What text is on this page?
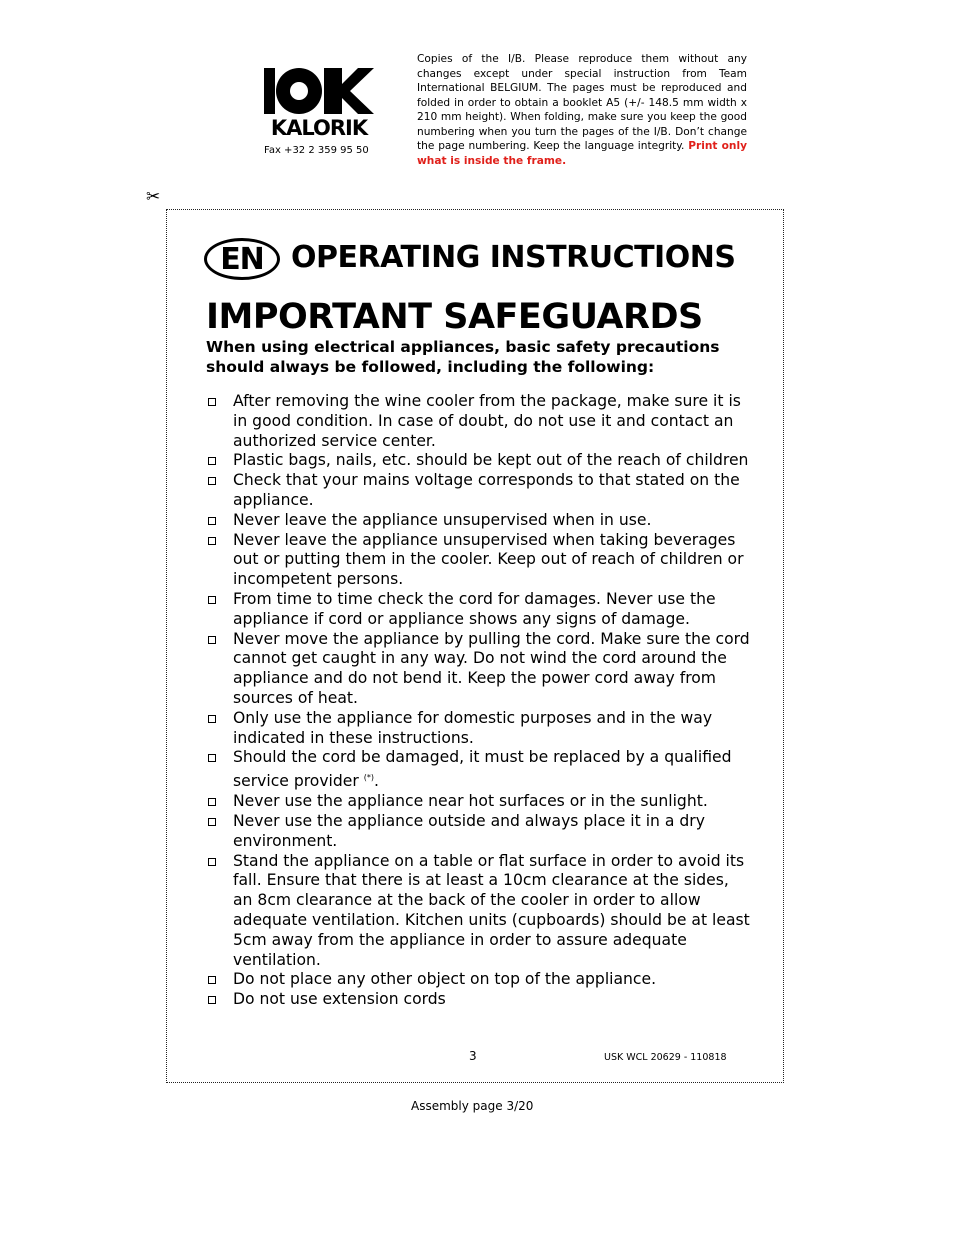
KALORIK
Fax +32 2 359 95 50
Copies of the I/B. Please reproduce them without any changes except under special instruction from Team International BELGIUM. The pages must be reproduced and folded in order to obtain a booklet A5 (+/- 148.5 mm width x 210 mm height). When folding, make sure you keep the good numbering when you turn the pages of the I/B. Don’t change the page numbering. Keep the language integrity. Print only what is inside the frame.
✂
EN OPERATING INSTRUCTIONS
IMPORTANT SAFEGUARDS
When using electrical appliances, basic safety precautions should always be followed, including the following:
After removing the wine cooler from the package, make sure it is in good condition. In case of doubt, do not use it and contact an authorized service center.
Plastic bags, nails, etc. should be kept out of the reach of children
Check that your mains voltage corresponds to that stated on the appliance.
Never leave the appliance unsupervised when in use.
Never leave the appliance unsupervised when taking beverages out or putting them in the cooler. Keep out of reach of children or incompetent persons.
From time to time check the cord for damages. Never use the appliance if cord or appliance shows any signs of damage.
Never move the appliance by pulling the cord. Make sure the cord cannot get caught in any way. Do not wind the cord around the appliance and do not bend it. Keep the power cord away from sources of heat.
Only use the appliance for domestic purposes and in the way indicated in these instructions.
Should the cord be damaged, it must be replaced by a qualified service provider (*).
Never use the appliance near hot surfaces or in the sunlight.
Never use the appliance outside and always place it in a dry environment.
Stand the appliance on a table or flat surface in order to avoid its fall. Ensure that there is at least a 10cm clearance at the sides, an 8cm clearance at the back of the cooler in order to allow adequate ventilation. Kitchen units (cupboards) should be at least 5cm away from the appliance in order to assure adequate ventilation.
Do not place any other object on top of the appliance.
Do not use extension cords
3	USK WCL 20629 - 110818
Assembly page 3/20
